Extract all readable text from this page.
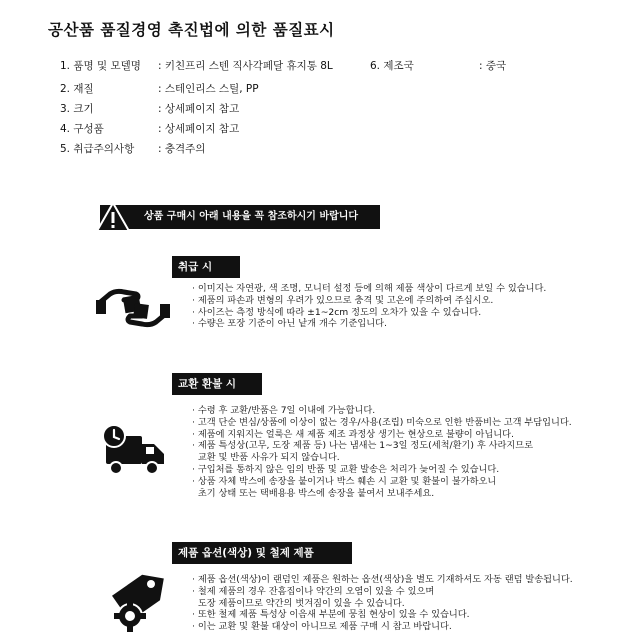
공산품 품질경영 촉진법에 의한 품질표시
1. 품명 및 모델명 : 키친프리 스텐 직사각페달 휴지통 8L
2. 재질	: 스테인리스 스틸, PP
3. 크기	: 상세페이지 참고
4. 구성품	: 상세페이지 참고
5. 취급주의사항 : 충격주의
6. 제조국	: 중국
상품 구매시 아래 내용을 꼭 참조하시기 바랍니다
취급 시
· 이미지는 자연광, 색 조명, 모니터 설정 등에 의해 제품 색상이 다르게 보일 수 있습니다.
· 제품의 파손과 변형의 우려가 있으므로 충격 및 고온에 주의하여 주십시오.
· 사이즈는 측정 방식에 따라 ±1~2cm 정도의 오차가 있을 수 있습니다.
· 수량은 포장 기준이 아닌 낱개 개수 기준입니다.
교환 환불 시
· 수령 후 교환/반품은 7일 이내에 가능합니다.
· 고객 단순 변심/상품에 이상이 없는 경우/사용(조립) 미숙으로 인한 반품비는 고객 부담입니다.
· 제품에 지워지는 얼룩은 새 제품 제조 과정상 생기는 현상으로 불량이 아닙니다.
· 제품 특성상(고무, 도장 제품 등) 나는 냄새는 1~3일 정도(세척/환기) 후 사라지므로
교환 및 반품 사유가 되지 않습니다.
· 구입처를 통하지 않은 임의 반품 및 교환 발송은 처리가 늦어질 수 있습니다.
· 상품 자체 박스에 송장을 붙이거나 박스 훼손 시 교환 및 환불이 불가하오니
초기 상태 또는 택배용용 박스에 송장을 붙여서 보내주세요.
제품 옵션(색상) 및 철제 제품
· 제품 옵션(색상)이 랜덤인 제품은 원하는 옵션(색상)을 별도 기재하셔도 자동 랜덤 발송됩니다.
· 철제 제품의 경우 잔흠집이나 약간의 오염이 있을 수 있으며
도장 제품이므로 약간의 벗겨짐이 있을 수 있습니다.
· 또한 철제 제품 특성상 이음새 부분에 뭉침 현상이 있을 수 있습니다.
· 이는 교환 및 환불 대상이 아니므로 제품 구매 시 참고 바랍니다.
